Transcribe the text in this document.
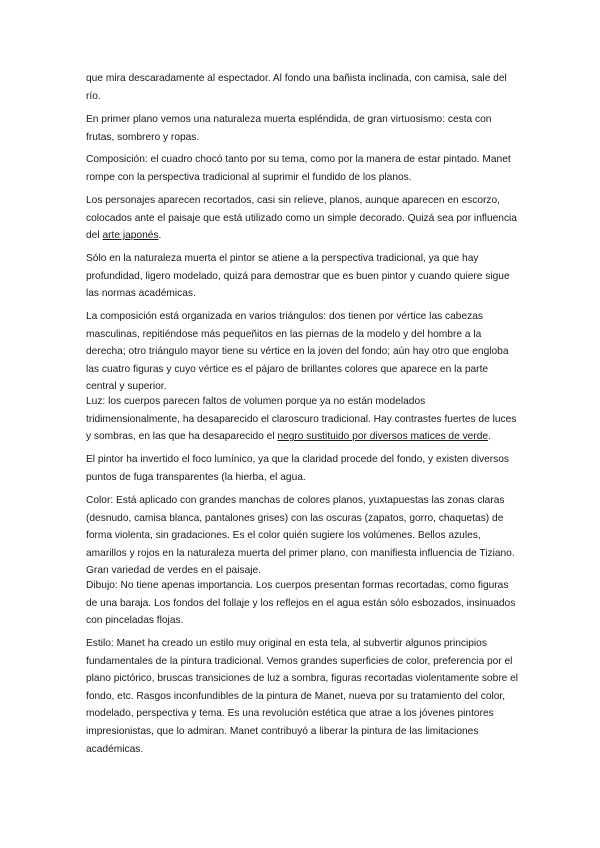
que mira descaradamente al espectador. Al fondo una bañista inclinada, con camisa, sale del

río.

En primer plano vemos una naturaleza muerta espléndida, de gran virtuosismo: cesta con

frutas, sombrero y ropas.

Composición: el cuadro chocó tanto por su tema, como por la manera de estar pintado. Manet

rompe con la perspectiva tradicional al suprimir el fundido de los planos.

Los personajes aparecen recortados, casi sin relieve, planos, aunque aparecen en escorzo,

colocados ante el paisaje que está utilizado como un simple decorado. Quizá sea por influencia

del arte japonés.

Sólo en la naturaleza muerta el pintor se atiene a la perspectiva tradicional, ya que hay

profundidad, ligero modelado, quizá para demostrar que es buen pintor y cuando quiere sigue

las normas académicas.

La composición está organizada en varios triángulos: dos tienen por vértice las cabezas

masculinas, repitiéndose más pequeñitos en las piernas de la modelo y del hombre a la

derecha; otro triángulo mayor tiene su vértice en la joven del fondo; aún hay otro que engloba

las cuatro figuras y cuyo vértice es el pájaro de brillantes colores que aparece en la parte

central y superior.

Luz: los cuerpos parecen faltos de volumen porque ya no están modelados

tridimensionalmente, ha desaparecido el claroscuro tradicional. Hay contrastes fuertes de luces

y sombras, en las que ha desaparecido el negro sustituido por diversos matices de verde.

El pintor ha invertido el foco lumínico, ya que la claridad procede del fondo, y existen diversos

puntos de fuga transparentes (la hierba, el agua.

Color: Está aplicado con grandes manchas de colores planos, yuxtapuestas las zonas claras

(desnudo, camisa blanca, pantalones grises) con las oscuras (zapatos, gorro, chaquetas) de

forma violenta, sin gradaciones. Es el color quién sugiere los volúmenes. Bellos azules,

amarillos y rojos en la naturaleza muerta del primer plano, con manifiesta influencia de Tiziano.

Gran variedad de verdes en el paisaje.

Dibujo: No tiene apenas importancia. Los cuerpos presentan formas recortadas, como figuras

de una baraja. Los fondos del follaje y los reflejos en el agua están sólo esbozados, insinuados

con pinceladas flojas.

Estilo: Manet ha creado un estilo muy original en esta tela, al subvertir algunos principios

fundamentales de la pintura tradicional. Vemos grandes superficies de color, preferencia por el

plano pictórico, bruscas transiciones de luz a sombra, figuras recortadas violentamente sobre el

fondo, etc. Rasgos inconfundibles de la pintura de Manet, nueva por su tratamiento del color,

modelado, perspectiva y tema. Es una revolución estética que atrae a los jóvenes pintores

impresionistas, que lo admiran. Manet contribuyó a liberar la pintura de las limitaciones

académicas.
